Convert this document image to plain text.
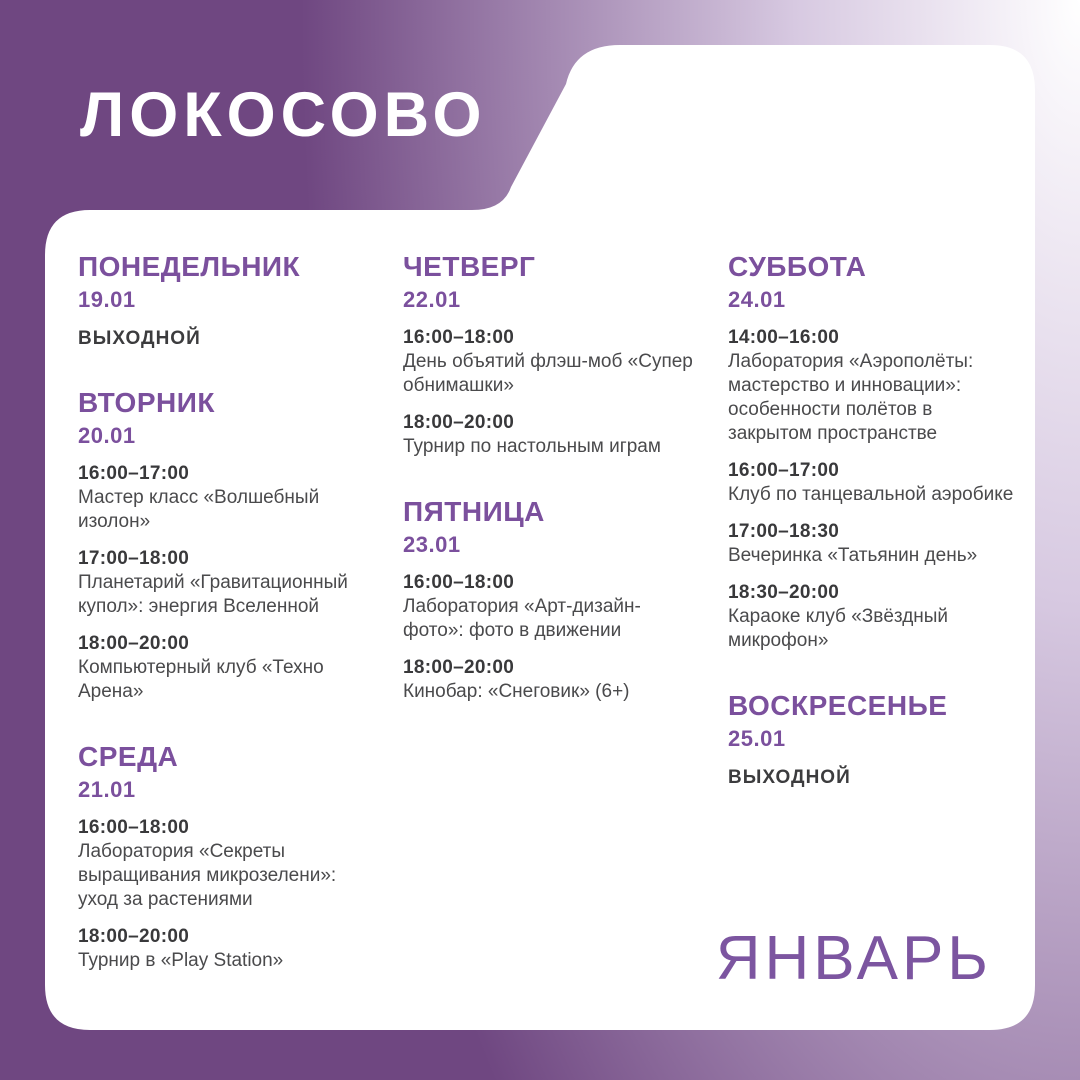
ЛОКОСОВО
ПОНЕДЕЛЬНИК
19.01
ВЫХОДНОЙ
ВТОРНИК
20.01
16:00–17:00
Мастер класс «Волшебный изолон»
17:00–18:00
Планетарий «Гравитационный купол»: энергия Вселенной
18:00–20:00
Компьютерный клуб «Техно Арена»
СРЕДА
21.01
16:00–18:00
Лаборатория «Секреты выращивания микрозелени»: уход за растениями
18:00–20:00
Турнир в «Play Station»
ЧЕТВЕРГ
22.01
16:00–18:00
День объятий флэш-моб «Супер обнимашки»
18:00–20:00
Турнир по настольным играм
ПЯТНИЦА
23.01
16:00–18:00
Лаборатория «Арт-дизайн-фото»: фото в движении
18:00–20:00
Кинобар: «Снеговик» (6+)
СУББОТА
24.01
14:00–16:00
Лаборатория «Аэрополёты: мастерство и инновации»: особенности полётов в закрытом пространстве
16:00–17:00
Клуб по танцевальной аэробике
17:00–18:30
Вечеринка «Татьянин день»
18:30–20:00
Караоке клуб «Звёздный микрофон»
ВОСКРЕСЕНЬЕ
25.01
ВЫХОДНОЙ
ЯНВАРЬ
